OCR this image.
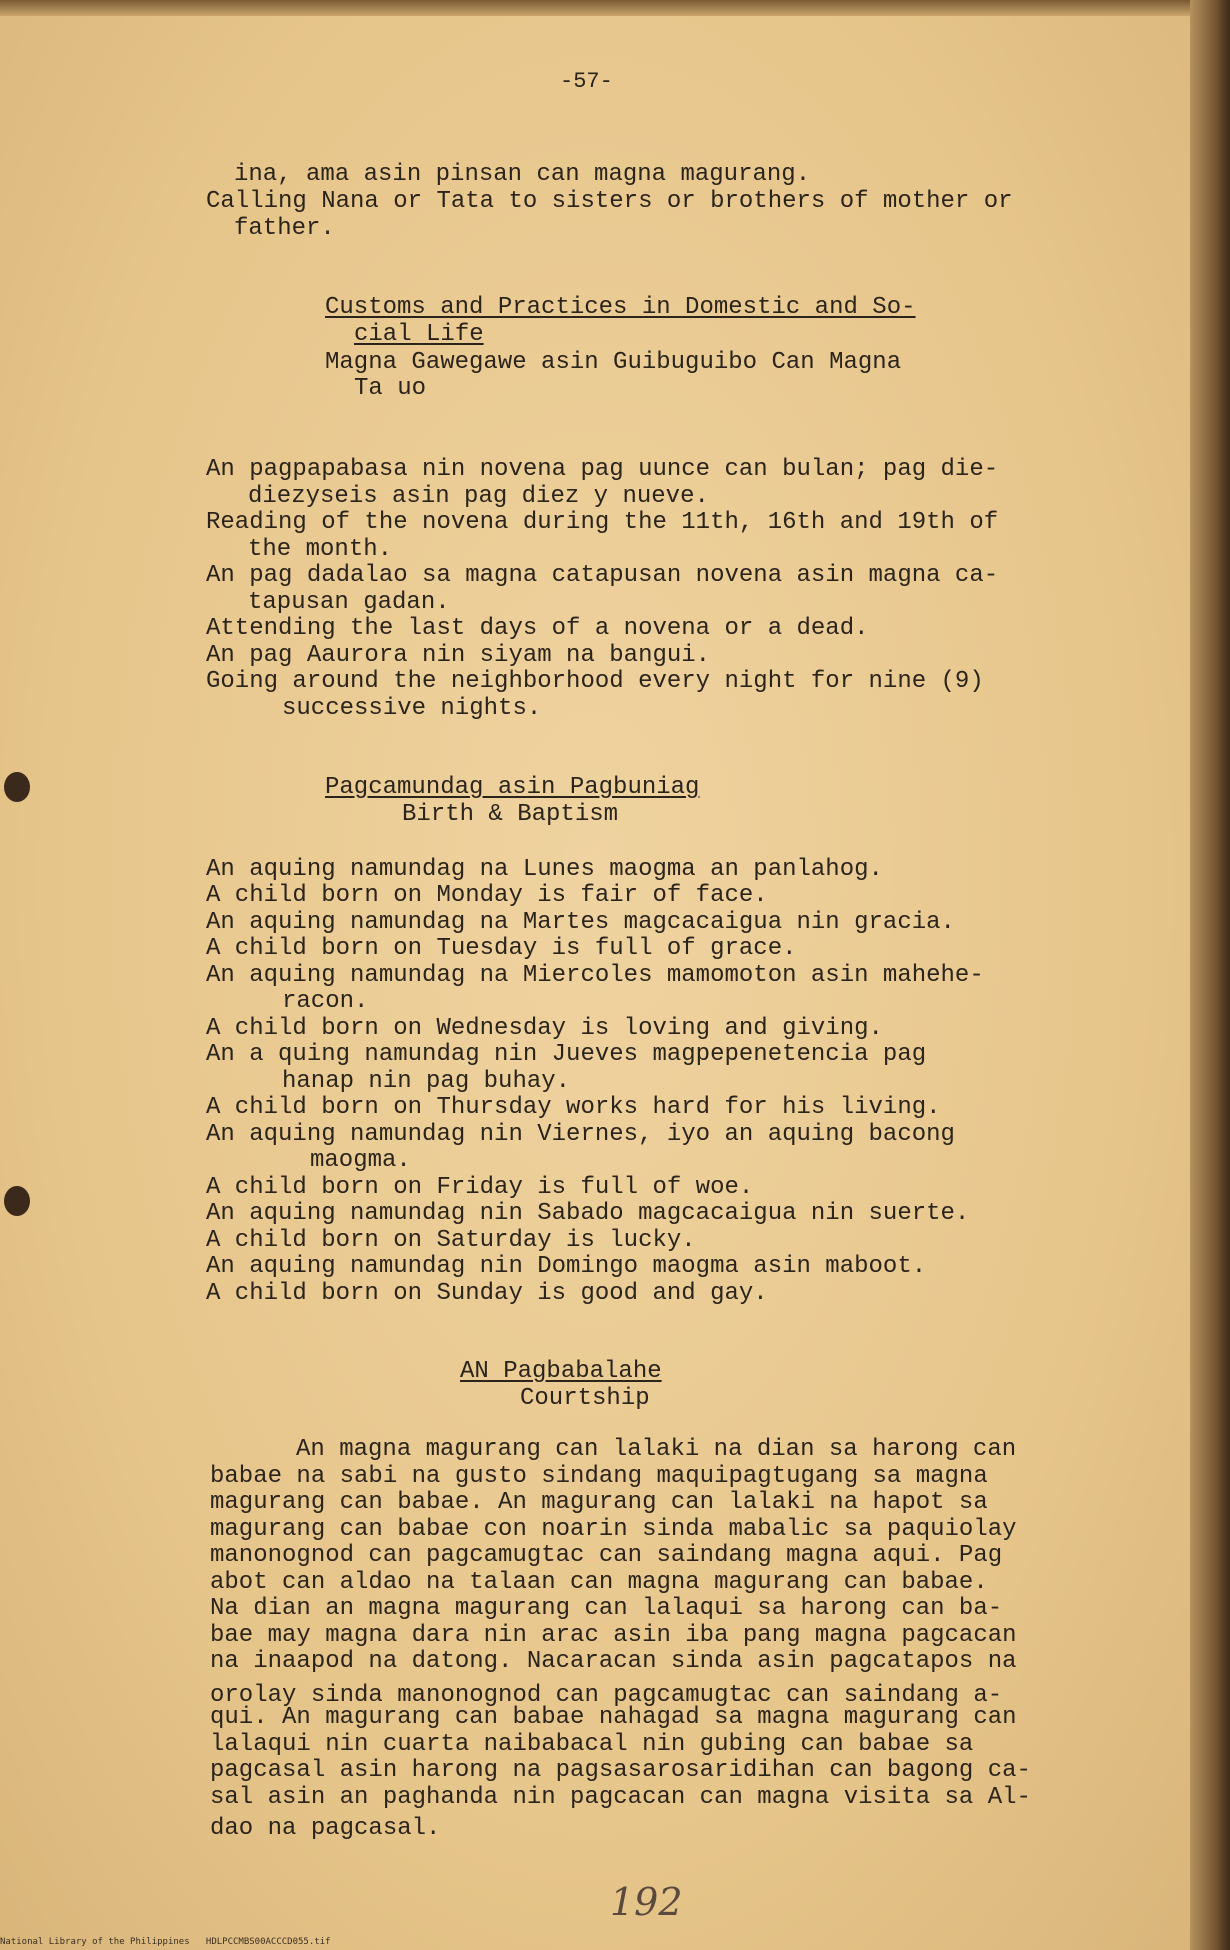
-57-
ina, ama asin pinsan can magna magurang.
Calling Nana or Tata to sisters or brothers of mother or
father.
Customs and Practices in Domestic and So-
cial Life
Magna Gawegawe asin Guibuguibo Can Magna
Ta uo
An pagpapabasa nin novena pag uunce can bulan; pag die-
diezyseis asin pag diez y nueve.
Reading of the novena during the 11th, 16th and 19th of
the month.
An pag dadalao sa magna catapusan novena asin magna ca-
tapusan gadan.
Attending the last days of a novena or a dead.
An pag Aaurora nin siyam na bangui.
Going around the neighborhood every night for nine (9)
successive nights.
Pagcamundag asin Pagbuniag
Birth & Baptism
An aquing namundag na Lunes maogma an panlahog.
A child born on Monday is fair of face.
An aquing namundag na Martes magcacaigua nin gracia.
A child born on Tuesday is full of grace.
An aquing namundag na Miercoles mamomoton asin mahehe-
racon.
A child born on Wednesday is loving and giving.
An a quing namundag nin Jueves magpepenetencia pag
hanap nin pag buhay.
A child born on Thursday works hard for his living.
An aquing namundag nin Viernes, iyo an aquing bacong
maogma.
A child born on Friday is full of woe.
An aquing namundag nin Sabado magcacaigua nin suerte.
A child born on Saturday is lucky.
An aquing namundag nin Domingo maogma asin maboot.
A child born on Sunday is good and gay.
AN Pagbabalahe
Courtship
An magna magurang can lalaki na dian sa harong can
babae na sabi na gusto sindang maquipagtugang sa magna
magurang can babae. An magurang can lalaki na hapot sa
magurang can babae con noarin sinda mabalic sa paquiolay
manonognod can pagcamugtac can saindang magna aqui. Pag
abot can aldao na talaan can magna magurang can babae.
Na dian an magna magurang can lalaqui sa harong can ba-
bae may magna dara nin arac asin iba pang magna pagcacan
na inaapod na datong. Nacaracan sinda asin pagcatapos na
orolay sinda manonognod can pagcamugtac can saindang a-
qui. An magurang can babae nahagad sa magna magurang can
lalaqui nin cuarta naibabacal nin gubing can babae sa
pagcasal asin harong na pagsasarosaridihan can bagong ca-
sal asin an paghanda nin pagcacan can magna visita sa Al-
dao na pagcasal.
192
National Library of the Philippines   HDLPCCMBS00ACCCD055.tif
